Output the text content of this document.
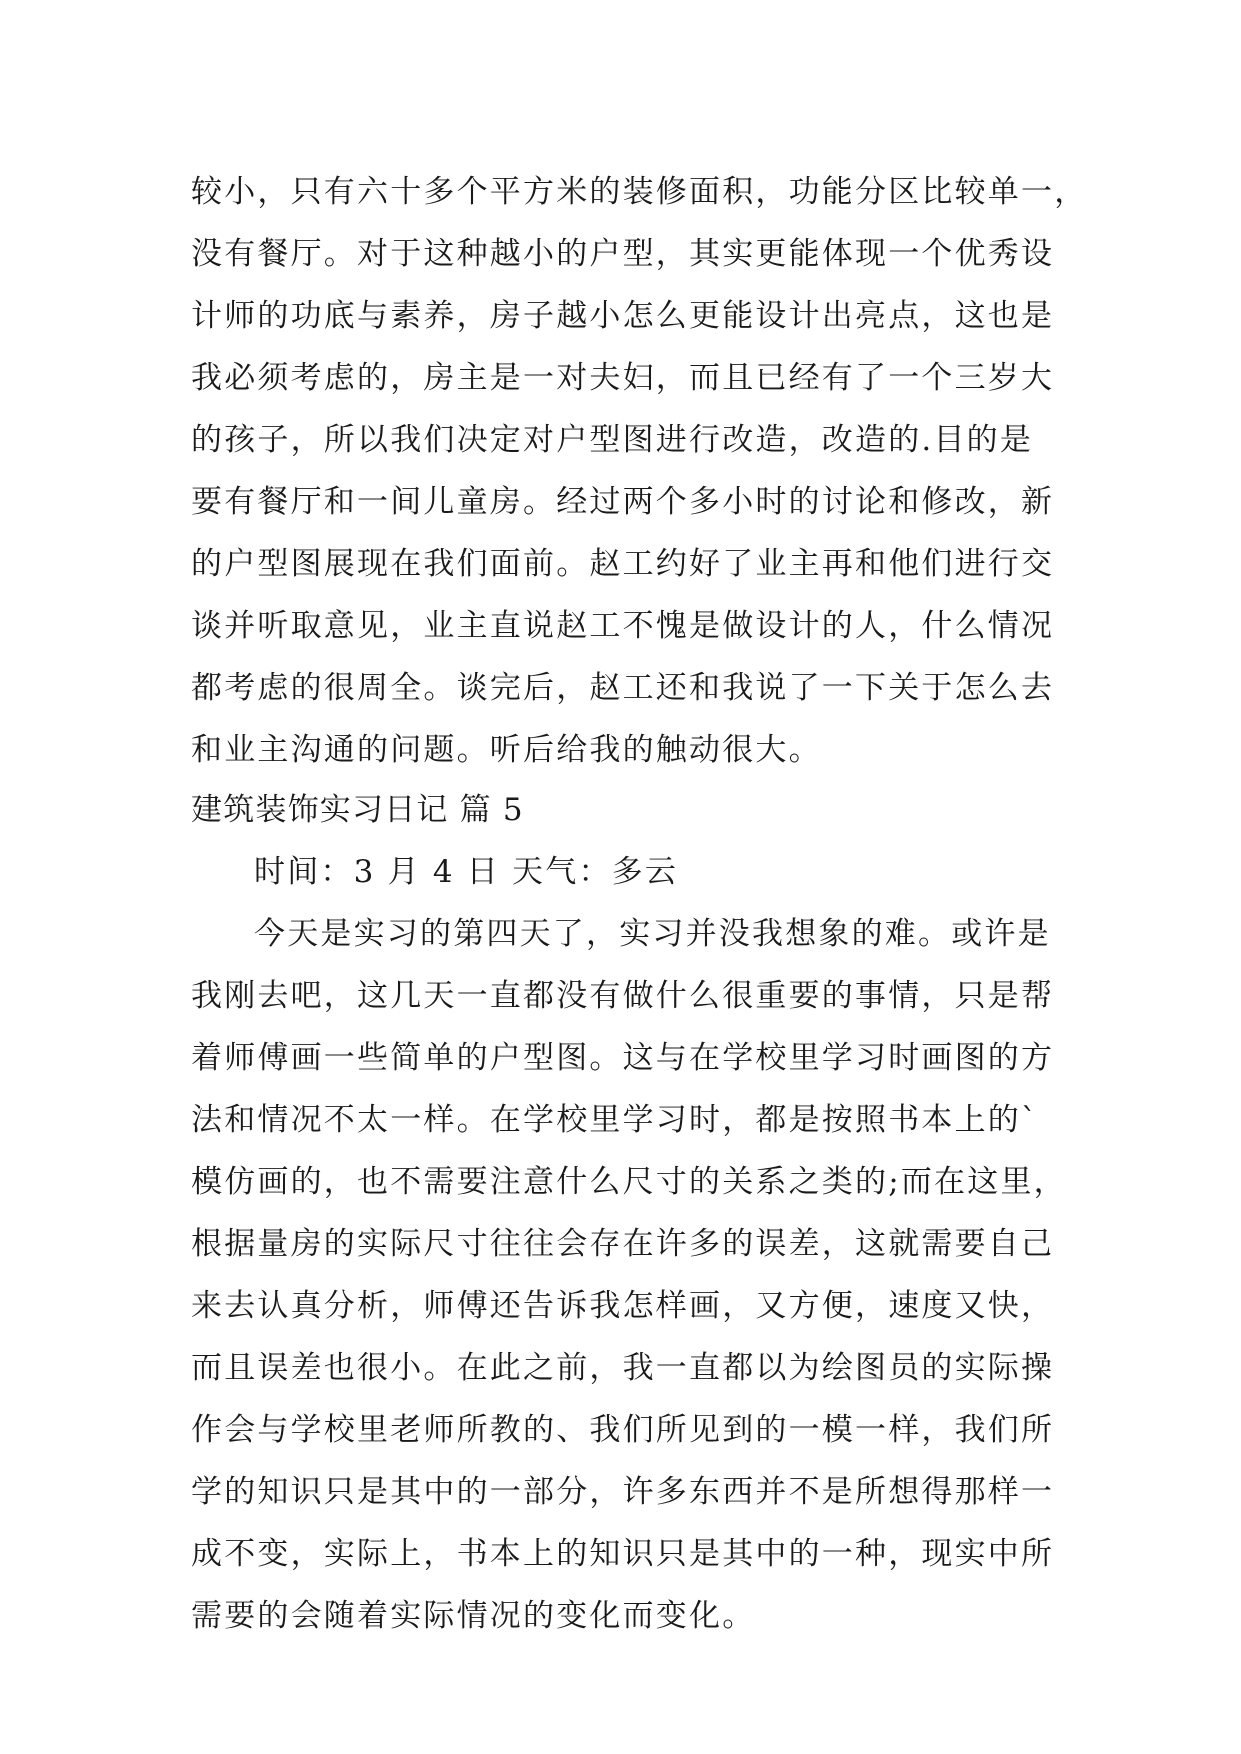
较小，只有六十多个平方米的装修面积，功能分区比较单一，
没有餐厅。对于这种越小的户型，其实更能体现一个优秀设
计师的功底与素养，房子越小怎么更能设计出亮点，这也是
我必须考虑的，房主是一对夫妇，而且已经有了一个三岁大
的孩子，所以我们决定对户型图进行改造，改造的.目的是
要有餐厅和一间儿童房。经过两个多小时的讨论和修改，新
的户型图展现在我们面前。赵工约好了业主再和他们进行交
谈并听取意见，业主直说赵工不愧是做设计的人，什么情况
都考虑的很周全。谈完后，赵工还和我说了一下关于怎么去
和业主沟通的问题。听后给我的触动很大。
建筑装饰实习日记 篇 5
时间：3 月 4 日 天气：多云
今天是实习的第四天了，实习并没我想象的难。或许是
我刚去吧，这几天一直都没有做什么很重要的事情，只是帮
着师傅画一些简单的户型图。这与在学校里学习时画图的方
法和情况不太一样。在学校里学习时，都是按照书本上的`
模仿画的，也不需要注意什么尺寸的关系之类的;而在这里，
根据量房的实际尺寸往往会存在许多的误差，这就需要自己
来去认真分析，师傅还告诉我怎样画，又方便，速度又快，
而且误差也很小。在此之前，我一直都以为绘图员的实际操
作会与学校里老师所教的、我们所见到的一模一样，我们所
学的知识只是其中的一部分，许多东西并不是所想得那样一
成不变，实际上，书本上的知识只是其中的一种，现实中所
需要的会随着实际情况的变化而变化。
